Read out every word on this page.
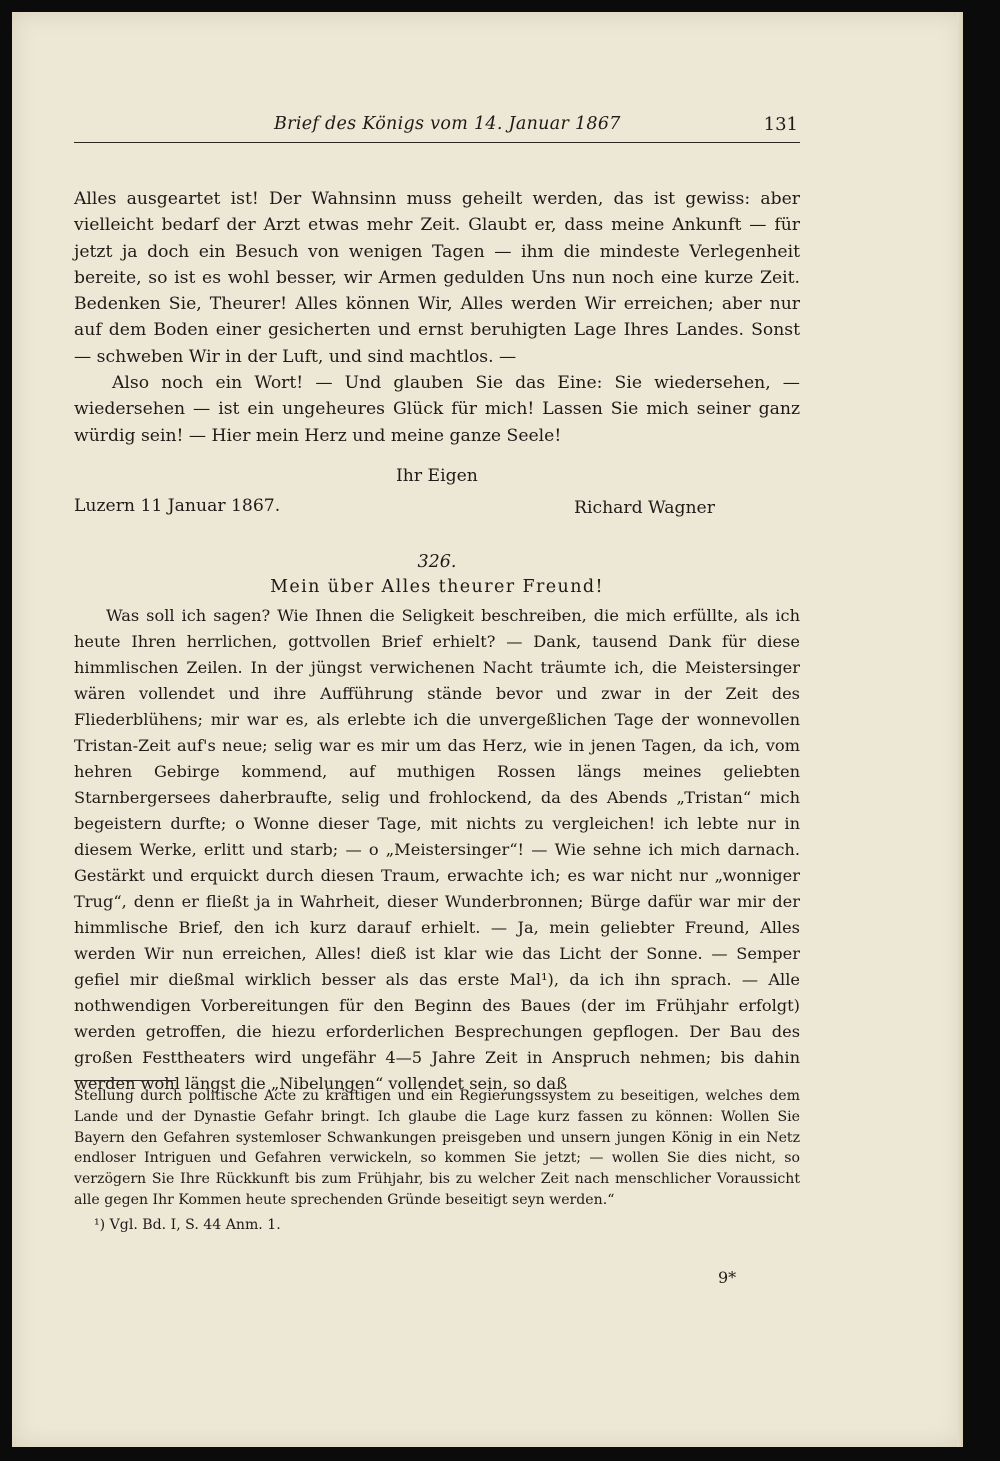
Brief des Königs vom 14. Januar 1867	131

Alles ausgeartet ist! Der Wahnsinn muss geheilt werden, das ist gewiss: aber vielleicht bedarf der Arzt etwas mehr Zeit. Glaubt er, dass meine Ankunft — für jetzt ja doch ein Besuch von wenigen Tagen — ihm die mindeste Verlegenheit bereite, so ist es wohl besser, wir Armen gedulden Uns nun noch eine kurze Zeit. Bedenken Sie, Theurer! Alles können Wir, Alles werden Wir erreichen; aber nur auf dem Boden einer gesicherten und ernst beruhigten Lage Ihres Landes. Sonst — schweben Wir in der Luft, und sind machtlos. —

Also noch ein Wort! — Und glauben Sie das Eine: Sie wiedersehen, — wiedersehen — ist ein ungeheures Glück für mich! Lassen Sie mich seiner ganz würdig sein! — Hier mein Herz und meine ganze Seele!

Ihr Eigen
Luzern 11 Januar 1867.	Richard Wagner
326.
Mein über Alles theurer Freund!

Was soll ich sagen? Wie Ihnen die Seligkeit beschreiben, die mich erfüllte, als ich heute Ihren herrlichen, gottvollen Brief erhielt? — Dank, tausend Dank für diese himmlischen Zeilen. In der jüngst verwichenen Nacht träumte ich, die Meistersinger wären vollendet und ihre Aufführung stände bevor und zwar in der Zeit des Fliederblühens; mir war es, als erlebte ich die unvergeßlichen Tage der wonnevollen Tristan-Zeit auf's neue; selig war es mir um das Herz, wie in jenen Tagen, da ich, vom hehren Gebirge kommend, auf muthigen Rossen längs meines geliebten Starnbergersees daherbraufte, selig und frohlockend, da des Abends „Tristan“ mich begeistern durfte; o Wonne dieser Tage, mit nichts zu vergleichen! ich lebte nur in diesem Werke, erlitt und starb; — o „Meistersinger“! — Wie sehne ich mich darnach. Gestärkt und erquickt durch diesen Traum, erwachte ich; es war nicht nur „wonniger Trug“, denn er fließt ja in Wahrheit, dieser Wunderbronnen; Bürge dafür war mir der himmlische Brief, den ich kurz darauf erhielt. — Ja, mein geliebter Freund, Alles werden Wir nun erreichen, Alles! dieß ist klar wie das Licht der Sonne. — Semper gefiel mir dießmal wirklich besser als das erste Mal¹), da ich ihn sprach. — Alle nothwendigen Vorbereitungen für den Beginn des Baues (der im Frühjahr erfolgt) werden getroffen, die hiezu erforderlichen Besprechungen gepflogen. Der Bau des großen Festtheaters wird ungefähr 4—5 Jahre Zeit in Anspruch nehmen; bis dahin werden wohl längst die „Nibelungen“ vollendet sein, so daß

Stellung durch politische Acte zu kräftigen und ein Regierungssystem zu beseitigen, welches dem Lande und der Dynastie Gefahr bringt. Ich glaube die Lage kurz fassen zu können: Wollen Sie Bayern den Gefahren systemloser Schwankungen preisgeben und unsern jungen König in ein Netz endloser Intriguen und Gefahren verwickeln, so kommen Sie jetzt; — wollen Sie dies nicht, so verzögern Sie Ihre Rückkunft bis zum Frühjahr, bis zu welcher Zeit nach menschlicher Voraussicht alle gegen Ihr Kommen heute sprechenden Gründe beseitigt seyn werden.“

¹) Vgl. Bd. I, S. 44 Anm. 1.

9*
